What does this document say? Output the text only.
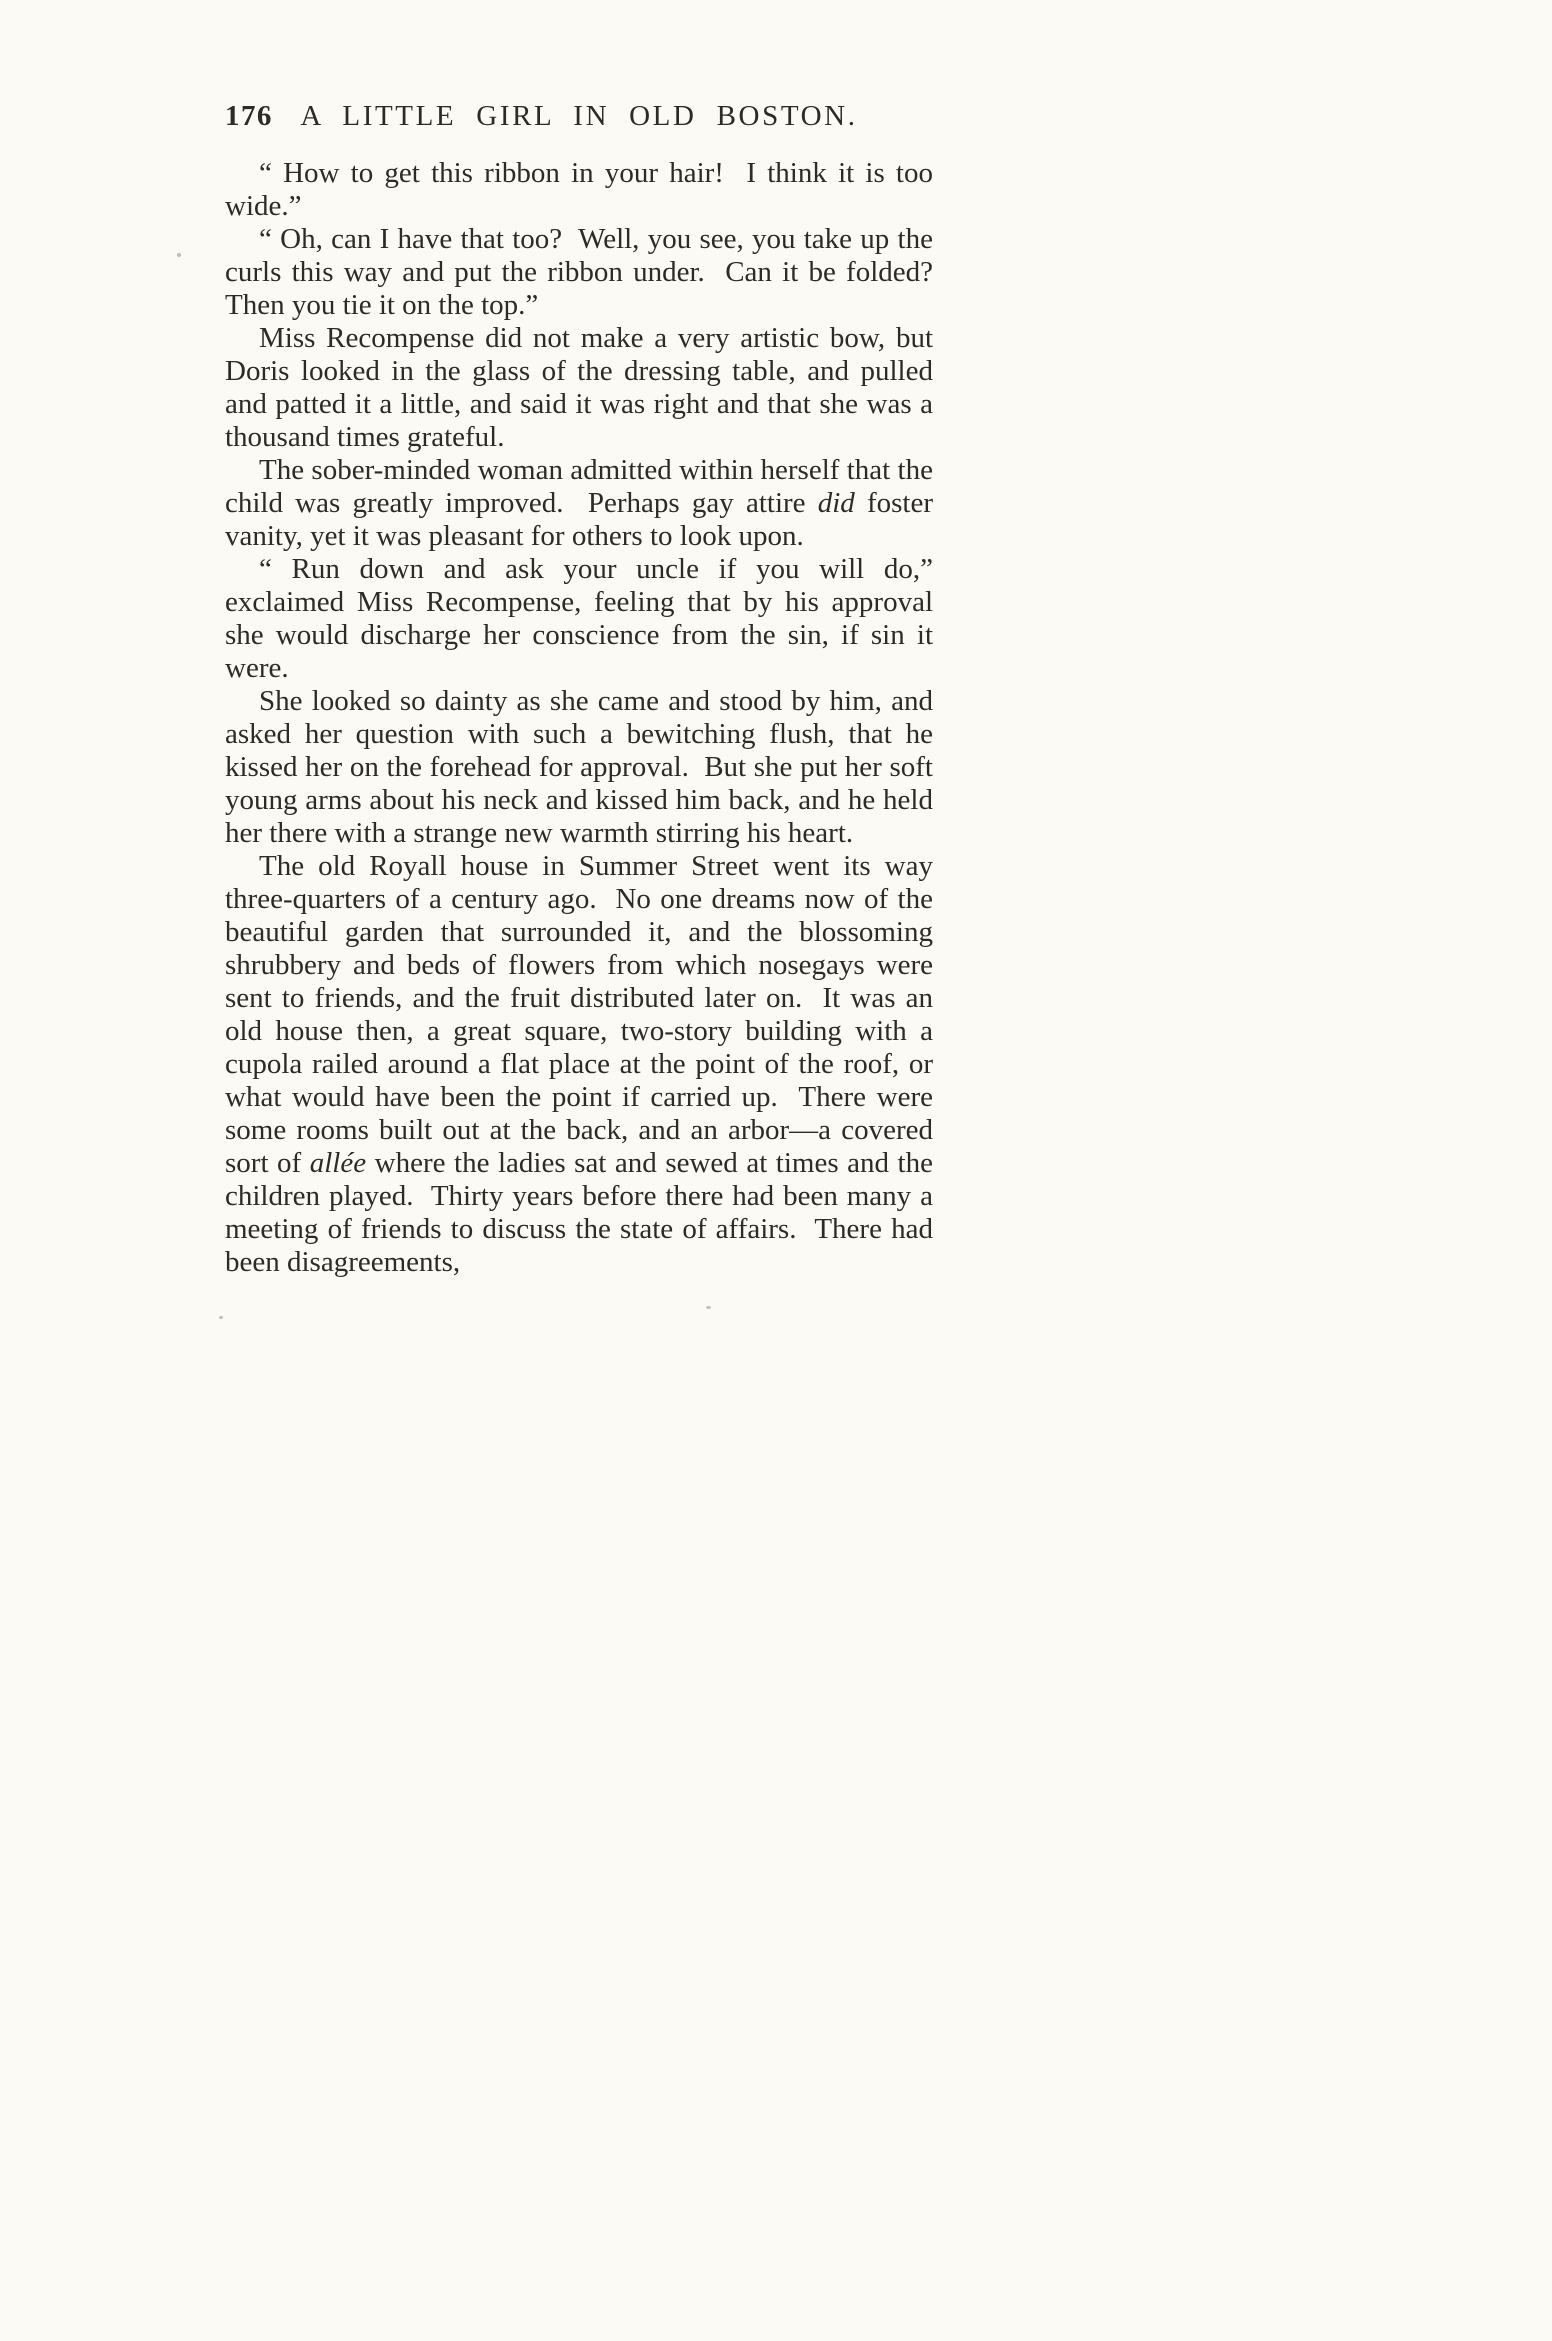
176 A LITTLE GIRL IN OLD BOSTON.

“ How to get this ribbon in your hair!  I think it is too wide.”

“ Oh, can I have that too?  Well, you see, you take up the curls this way and put the ribbon under.  Can it be folded?  Then you tie it on the top.”

Miss Recompense did not make a very artistic bow, but Doris looked in the glass of the dressing table, and pulled and patted it a little, and said it was right and that she was a thousand times grateful.

The sober-minded woman admitted within herself that the child was greatly improved.  Perhaps gay attire did foster vanity, yet it was pleasant for others to look upon.

“ Run down and ask your uncle if you will do,” exclaimed Miss Recompense, feeling that by his approval she would discharge her conscience from the sin, if sin it were.

She looked so dainty as she came and stood by him, and asked her question with such a bewitching flush, that he kissed her on the forehead for approval.  But she put her soft young arms about his neck and kissed him back, and he held her there with a strange new warmth stirring his heart.

The old Royall house in Summer Street went its way three-quarters of a century ago.  No one dreams now of the beautiful garden that surrounded it, and the blossoming shrubbery and beds of flowers from which nosegays were sent to friends, and the fruit distributed later on.  It was an old house then, a great square, two-story building with a cupola railed around a flat place at the point of the roof, or what would have been the point if carried up.  There were some rooms built out at the back, and an arbor—a covered sort of allée where the ladies sat and sewed at times and the children played.  Thirty years before there had been many a meeting of friends to discuss the state of affairs.  There had been disagreements,
